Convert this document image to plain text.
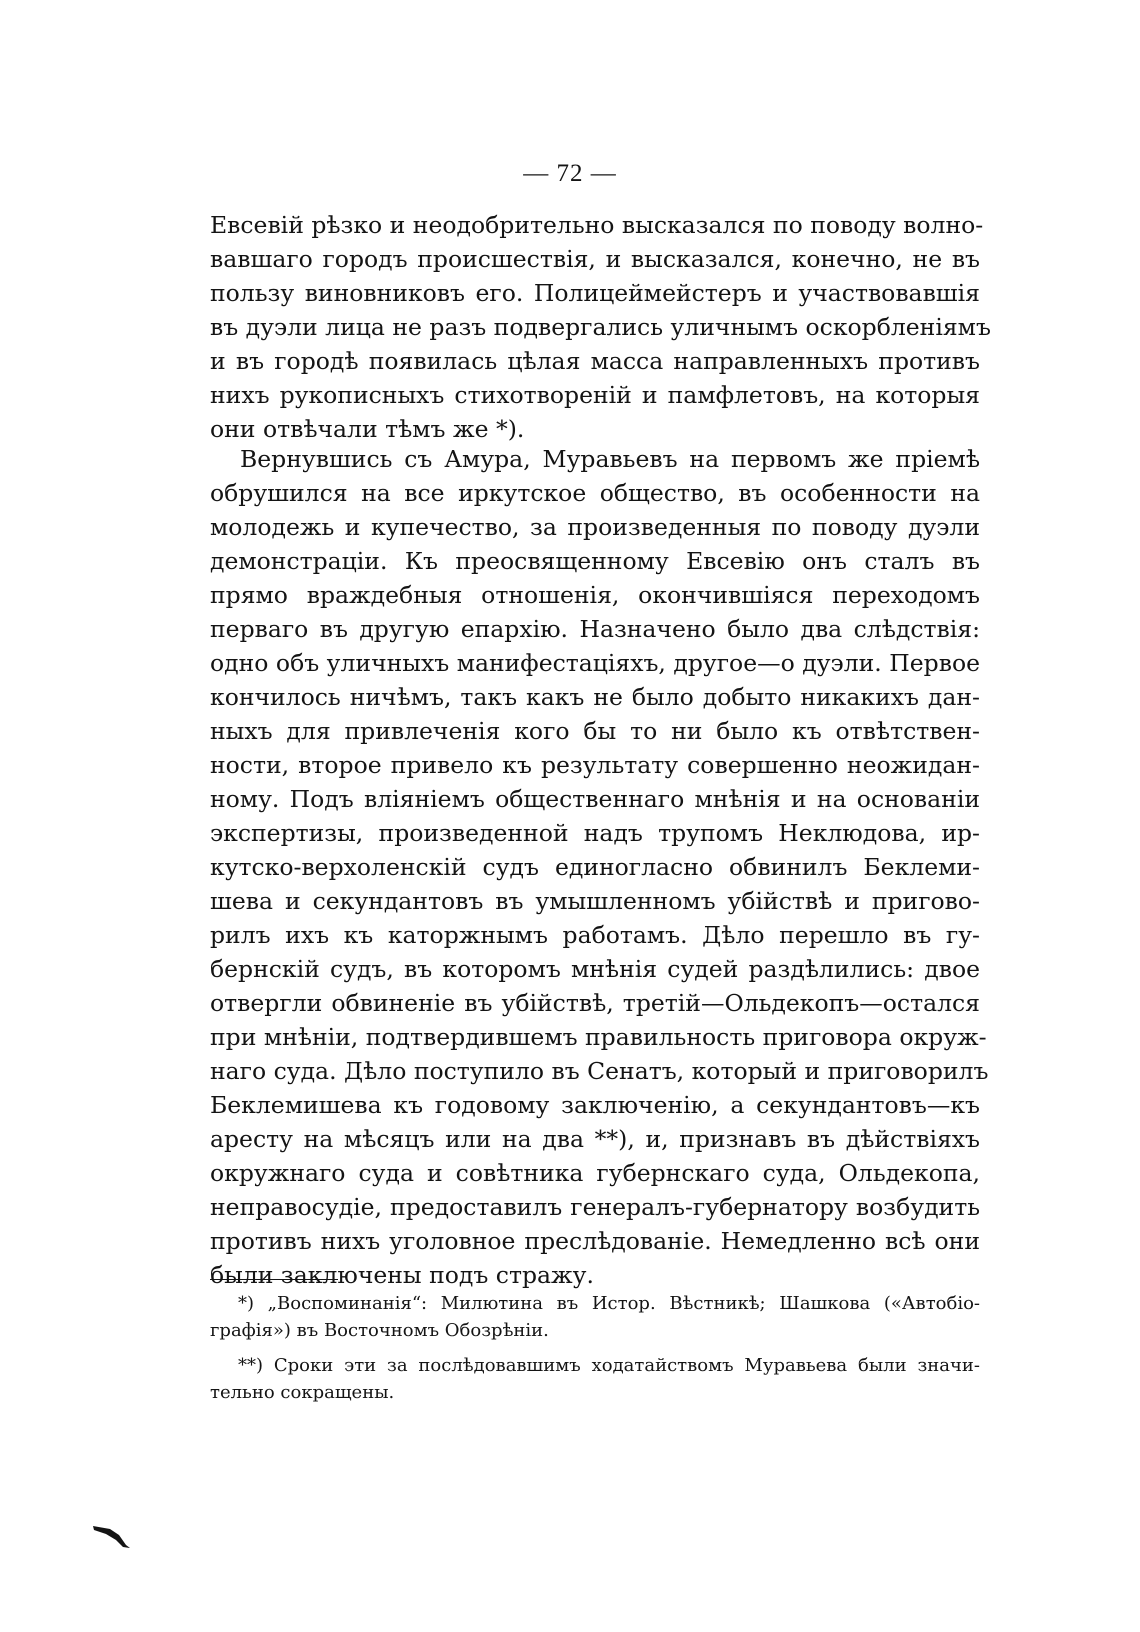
— 72 —
Евсевій рѣзко и неодобрительно высказался по поводу волно-
вавшаго городъ происшествія, и высказался, конечно, не въ
пользу виновниковъ его. Полицеймейстеръ и участвовавшія
въ дуэли лица не разъ подвергались уличнымъ оскорбленіямъ
и въ городѣ появилась цѣлая масса направленныхъ противъ
нихъ рукописныхъ стихотвореній и памфлетовъ, на которыя
они отвѣчали тѣмъ же *).
Вернувшись съ Амура, Муравьевъ на первомъ же пріемѣ
обрушился на все иркутское общество, въ особенности на
молодежь и купечество, за произведенныя по поводу дуэли
демонстраціи. Къ преосвященному Евсевію онъ сталъ въ
прямо враждебныя отношенія, окончившіяся переходомъ
перваго въ другую епархію. Назначено было два слѣдствія:
одно объ уличныхъ манифестаціяхъ, другое—о дуэли. Первое
кончилось ничѣмъ, такъ какъ не было добыто никакихъ дан-
ныхъ для привлеченія кого бы то ни было къ отвѣтствен-
ности, второе привело къ результату совершенно неожидан-
ному. Подъ вліяніемъ общественнаго мнѣнія и на основаніи
экспертизы, произведенной надъ трупомъ Неклюдова, ир-
кутско-верхоленскій судъ единогласно обвинилъ Беклеми-
шева и секундантовъ въ умышленномъ убійствѣ и пригово-
рилъ ихъ къ каторжнымъ работамъ. Дѣло перешло въ гу-
бернскій судъ, въ которомъ мнѣнія судей раздѣлились: двое
отвергли обвиненіе въ убійствѣ, третій—Ольдекопъ—остался
при мнѣніи, подтвердившемъ правильность приговора окруж-
наго суда. Дѣло поступило въ Сенатъ, который и приговорилъ
Беклемишева къ годовому заключенію, а секундантовъ—къ
аресту на мѣсяцъ или на два **), и, признавъ въ дѣйствіяхъ
окружнаго суда и совѣтника губернскаго суда, Ольдекопа,
неправосудіе, предоставилъ генералъ-губернатору возбудить
противъ нихъ уголовное преслѣдованіе. Немедленно всѣ они
были заключены подъ стражу.
*) „Воспоминанія“: Милютина въ Истор. Вѣстникѣ; Шашкова («Автобіо-
графія») въ Восточномъ Обозрѣніи.
**) Сроки эти за послѣдовавшимъ ходатайствомъ Муравьева были значи-
тельно сокращены.
